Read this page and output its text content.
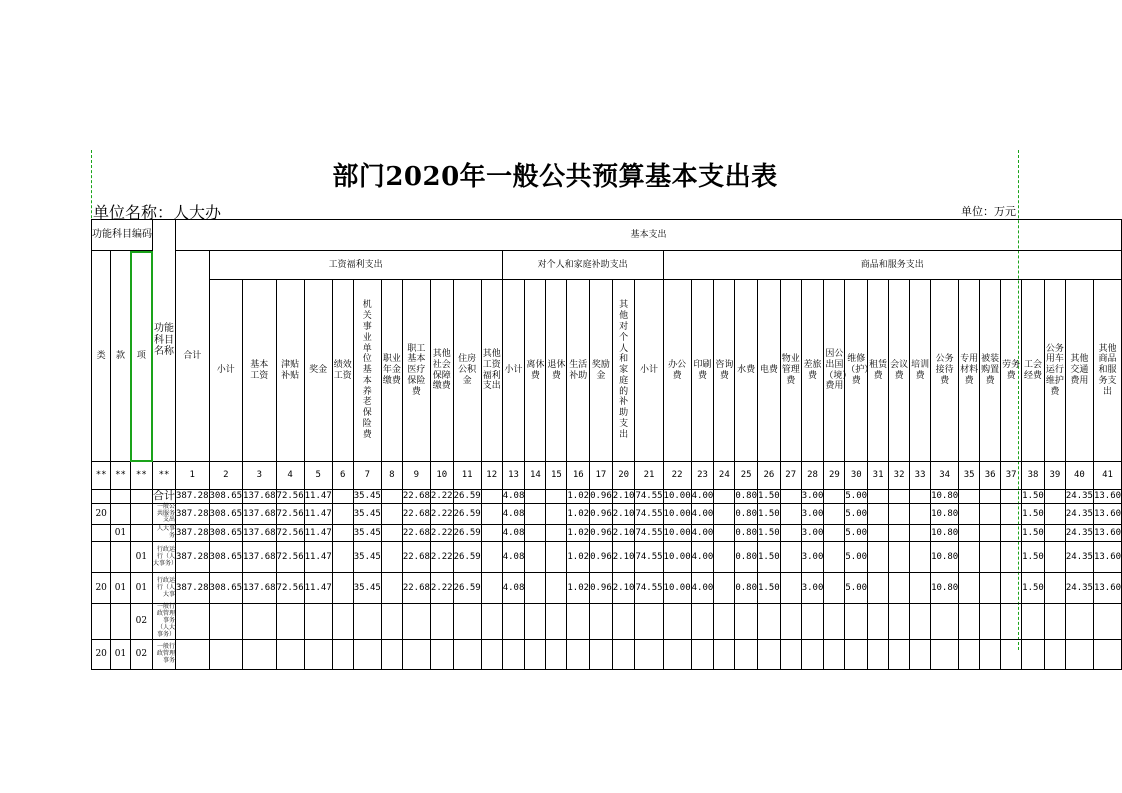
部门2020年一般公共预算基本支出表
单位名称：人大办	单位：万元
功能科目编码			功能科目名称	基本支出																																						
类	款	项		合计	工资福利支出											对个人和家庭补助支出							商品和服务支出																			
					小计	基本工资	津贴补贴	奖金	绩效工资	机关事业单位基本养老保险费	职业年金缴费	职工基本医疗保险费	其他社会保障缴费	住房公积金	其他工资福利支出	小计	离休费	退休费	生活补助	奖励金	其他对个人和家庭的补助支出	小计	办公费	印刷费	咨询费	水费	电费	物业管理费	差旅费	因公出国（境）费用	维修（护）费	租赁费	会议费	培训费	公务接待费	专用材料费	被装购置费	劳务费	工会经费	公务用车运行维护费	其他交通费用	其他商品和服务支出
**	**	**	**	1	2	3	4	5	6	7	8	9	10	11	12	13	14	15	16	17	20	21	22	23	24	25	26	27	28	29	30	31	32	33	34	35	36	37	38	39	40	41
			合计	387.28	308.65	137.68	72.56	11.47		35.45		22.68	2.22	26.59		4.08			1.02	0.96	2.10	74.55	10.00	4.00		0.80	1.50		3.00		5.00				10.80				1.50		24.35	13.60
20			一般公共服务支出	387.28	308.65	137.68	72.56	11.47		35.45		22.68	2.22	26.59		4.08			1.02	0.96	2.10	74.55	10.00	4.00		0.80	1.50		3.00		5.00				10.80				1.50		24.35	13.60
	01		人大事务	387.28	308.65	137.68	72.56	11.47		35.45		22.68	2.22	26.59		4.08			1.02	0.96	2.10	74.55	10.00	4.00		0.80	1.50		3.00		5.00				10.80				1.50		24.35	13.60
		01	行政运行（人大事务）	387.28	308.65	137.68	72.56	11.47		35.45		22.68	2.22	26.59		4.08			1.02	0.96	2.10	74.55	10.00	4.00		0.80	1.50		3.00		5.00				10.80				1.50		24.35	13.60
20	01	01	行政运行（人大事	387.28	308.65	137.68	72.56	11.47		35.45		22.68	2.22	26.59		4.08			1.02	0.96	2.10	74.55	10.00	4.00		0.80	1.50		3.00		5.00				10.80				1.50		24.35	13.60
		02	一般行政管理事务（人大事务）																																							
20	01	02	一般行政管理事务																																							
